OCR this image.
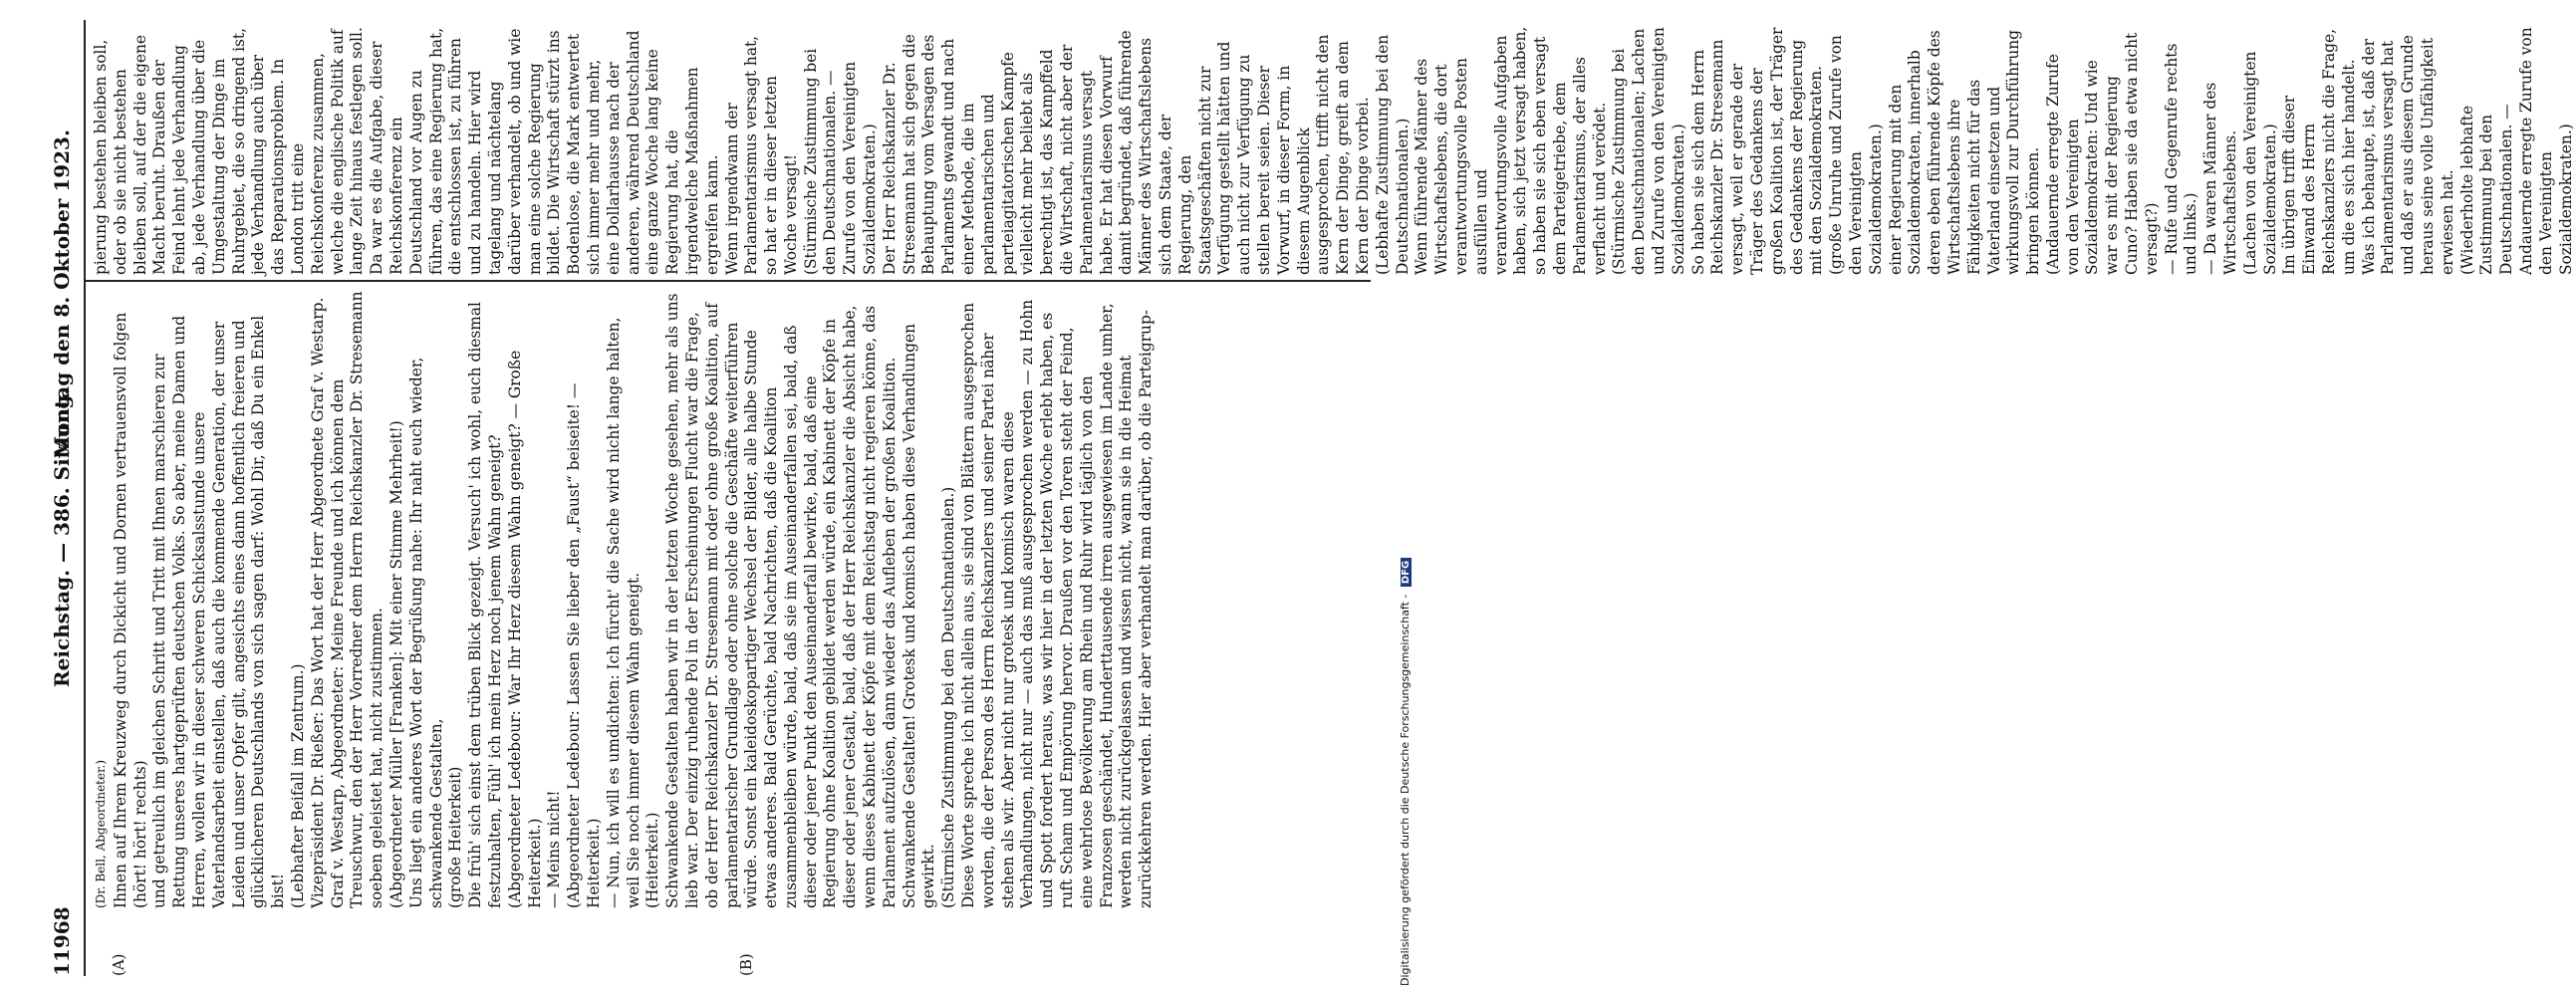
11968
Reichstag. — 386. Sitzung.
Montag den 8. Oktober 1923.
(A)	(B)

(Dr. Bell, Abgeordneter.) Ihnen auf Ihrem Kreuzweg durch Dickicht und Dornen vertrauensvoll folgen
(hört! hört! rechts)
und getreulich im gleichen Schritt und Tritt mit Ihnen marschieren zur Rettung unseres hartgeprüften deutschen Volks. So aber, meine Damen und Herren, wollen wir in dieser schweren Schicksalsstunde unsere Vaterlandsarbeit einstellen, daß auch die kommende Generation, der unser Leiden und unser Opfer gilt, angesichts eines dann hoffentlich freieren und glücklicheren Deutschlands von sich sagen darf: Wohl Dir, daß Du ein Enkel bist!
(Lebhafter Beifall im Zentrum.)
Vizepräsident Dr. Rießer: Das Wort hat der Herr Abgeordnete Graf v. Westarp.
Graf v. Westarp, Abgeordneter: Meine Freunde und ich können dem Treuschwur, den der Herr Vorredner dem Herrn Reichskanzler Dr. Stresemann soeben geleistet hat, nicht zustimmen.
(Abgeordneter Müller [Franken]: Mit einer Stimme Mehrheit!)
Uns liegt ein anderes Wort der Begrüßung nahe: Ihr naht euch wieder, schwankende Gestalten,
(große Heiterkeit)
Die früh' sich einst dem trüben Blick gezeigt. Versuch' ich wohl, euch diesmal festzuhalten, Fühl' ich mein Herz noch jenem Wahn geneigt?
(Abgeordneter Ledebour: War Ihr Herz diesem Wahn geneigt? — Große Heiterkeit.)
— Meins nicht!
(Abgeordneter Ledebour: Lassen Sie lieber den „Faust“ beiseite! — Heiterkeit.)
— Nun, ich will es umdichten: Ich fürcht' die Sache wird nicht lange halten, weil Sie noch immer diesem Wahn geneigt.
(Heiterkeit.)
Schwankende Gestalten haben wir in der letzten Woche gesehen, mehr als uns lieb war. Der einzig ruhende Pol in der Erscheinungen Flucht war die Frage, ob der Herr Reichskanzler Dr. Stresemann mit oder ohne große Koalition, auf parlamentarischer Grundlage oder ohne solche die Geschäfte weiterführen würde. Sonst ein kaleidoskopartiger Wechsel der Bilder, alle halbe Stunde etwas anderes. Bald Gerüchte, bald Nachrichten, daß die Koalition zusammenbleiben würde, bald, daß sie im Auseinanderfallen sei, bald, daß dieser oder jener Punkt den Auseinanderfall bewirke, bald, daß eine Regierung ohne Koalition gebildet werden würde, ein Kabinett der Köpfe in dieser oder jener Gestalt, bald, daß der Herr Reichskanzler die Absicht habe, wenn dieses Kabinett der Köpfe mit dem Reichstag nicht regieren könne, das Parlament aufzulösen, dann wieder das Aufleben der großen Koalition. Schwankende Gestalten! Grotesk und komisch haben diese Verhandlungen gewirkt.
(Stürmische Zustimmung bei den Deutschnationalen.)
Diese Worte spreche ich nicht allein aus, sie sind von Blättern ausgesprochen worden, die der Person des Herrn Reichskanzlers und seiner Partei näher stehen als wir. Aber nicht nur grotesk und komisch waren diese Verhandlungen, nicht nur — auch das muß ausgesprochen werden — zu Hohn und Spott fordert heraus, was wir hier in der letzten Woche erlebt haben, es ruft Scham und Empörung hervor. Draußen vor den Toren steht der Feind, eine wehrlose Bevölkerung am Rhein und Ruhr wird täglich von den Franzosen geschändet, Hunderttausende irren ausgewiesen im Lande umher, werden nicht zurückgelassen und wissen nicht, wann sie in die Heimat zurückkehren werden. Hier aber verhandelt man darüber, ob die Parteigrup-

pierung bestehen bleiben soll, oder ob sie nicht bestehen bleiben soll, auf der die eigene Macht beruht. Draußen der Feind lehnt jede Verhandlung ab, jede Verhandlung über die Umgestaltung der Dinge im Ruhrgebiet, die so dringend ist, jede Verhandlung auch über das Reparationsproblem. In London tritt eine Reichskonferenz zusammen, welche die englische Politik auf lange Zeit hinaus festlegen soll. Da war es die Aufgabe, dieser Reichskonferenz ein Deutschland vor Augen zu führen, das eine Regierung hat, die entschlossen ist, zu führen und zu handeln. Hier wird tagelang und nächtelang darüber verhandelt, ob und wie man eine solche Regierung bildet. Die Wirtschaft stürzt ins Bodenlose, die Mark entwertet sich immer mehr und mehr, eine Dollarhausse nach der anderen, während Deutschland eine ganze Woche lang keine Regierung hat, die irgendwelche Maßnahmen ergreifen kann.
Wenn irgendwann der Parlamentarismus versagt hat, so hat er in dieser letzten Woche versagt!
(Stürmische Zustimmung bei den Deutschnationalen. — Zurufe von den Vereinigten Sozialdemokraten.)
Der Herr Reichskanzler Dr. Stresemann hat sich gegen die Behauptung vom Versagen des Parlaments gewandt und nach einer Methode, die im parlamentarischen und parteiagitatorischen Kampfe vielleicht mehr beliebt als berechtigt ist, das Kampffeld die Wirtschaft, nicht aber der Parlamentarismus versagt habe. Er hat diesen Vorwurf damit begründet, daß führende Männer des Wirtschaftslebens sich dem Staate, der Regierung, den Staatsgeschäften nicht zur Verfügung gestellt hätten und auch nicht zur Verfügung zu stellen bereit seien. Dieser Vorwurf, in dieser Form, in diesem Augenblick ausgesprochen, trifft nicht den Kern der Dinge, greift an dem Kern der Dinge vorbei.
(Lebhafte Zustimmung bei den Deutschnationalen.)
Wenn führende Männer des Wirtschaftslebens, die dort verantwortungsvolle Posten ausfüllen und verantwortungsvolle Aufgaben haben, sich jetzt versagt haben, so haben sie sich eben versagt dem Parteigetriebe, dem Parlamentarismus, der alles verflacht und verödet.
(Stürmische Zustimmung bei den Deutschnationalen; Lachen und Zurufe von den Vereinigten Sozialdemokraten.)
So haben sie sich dem Herrn Reichskanzler Dr. Stresemann versagt, weil er gerade der Träger des Gedankens der großen Koalition ist, der Träger des Gedankens der Regierung mit den Sozialdemokraten.
(große Unruhe und Zurufe von den Vereinigten Sozialdemokraten.)
einer Regierung mit den Sozialdemokraten, innerhalb deren eben führende Köpfe des Wirtschaftslebens ihre Fähigkeiten nicht für das Vaterland einsetzen und wirkungsvoll zur Durchführung bringen können.
(Andauernde erregte Zurufe von den Vereinigten Sozialdemokraten: Und wie war es mit der Regierung Cuno? Haben sie da etwa nicht versagt?)
— Rufe und Gegenrufe rechts und links.)
— Da waren Männer des Wirtschaftslebens.
(Lachen von den Vereinigten Sozialdemokraten.)
Im übrigen trifft dieser Einwand des Herrn Reichskanzlers nicht die Frage, um die es sich hier handelt. Was ich behaupte, ist, daß der Parlamentarismus versagt hat und daß er aus diesem Grunde heraus seine volle Unfähigkeit erwiesen hat.
(Wiederholte lebhafte Zustimmung bei den Deutschnationalen. — Andauernde erregte Zurufe von den Vereinigten Sozialdemokraten.)

Digitalisierung gefördert durch die Deutsche Forschungsgemeinschaft - DFG
